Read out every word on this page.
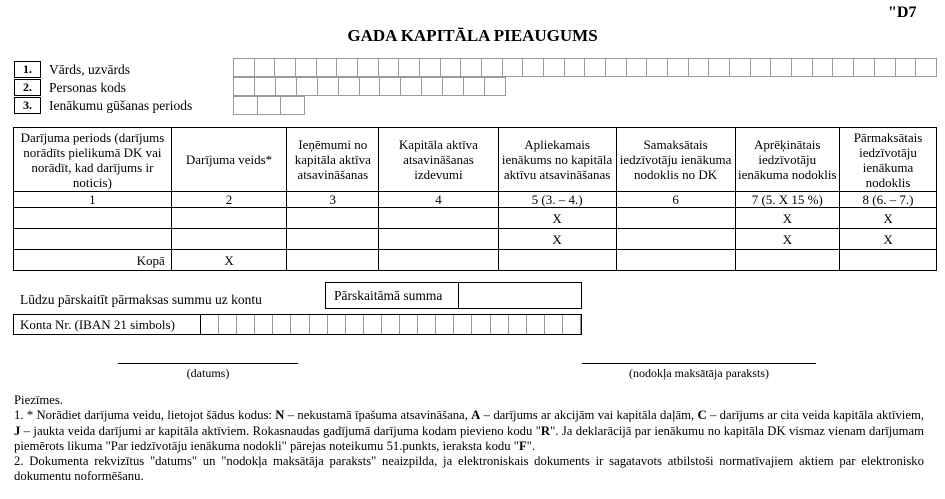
"D7
GADA KAPITĀLA PIEAUGUMS
1.	Vārds, uzvārds
2.	Personas kods
3.	Ienākumu gūšanas periods
Darījuma periods (darījums norādīts pielikumā DK vai norādīt, kad darījums ir noticis)	Darījuma veids*	Ieņēmumi no kapitāla aktīva atsavināšanas	Kapitāla aktīva atsavināšanas izdevumi	Apliekamais ienākums no kapitāla aktīvu atsavināšanas	Samaksātais iedzīvotāju ienākuma nodoklis no DK	Aprēķinātais iedzīvotāju ienākuma nodoklis	Pārmaksātais iedzīvotāju ienākuma nodoklis
1	2	3	4	5 (3. – 4.)	6	7 (5. X 15 %)	8 (6. – 7.)
				X		X	X
				X		X	X
Kopā	X						
Lūdzu pārskaitīt pārmaksas summu uz kontu	Pārskaitāmā summa
Konta Nr. (IBAN 21 simbols)
(datums)	(nodokļa maksātāja paraksts)
Piezīmes.
1. * Norādiet darījuma veidu, lietojot šādus kodus: N – nekustamā īpašuma atsavināšana, A – darījums ar akcijām vai kapitāla daļām, C – darījums ar cita veida kapitāla aktīviem, J – jaukta veida darījumi ar kapitāla aktīviem. Rokasnaudas gadījumā darījuma kodam pievieno kodu "R". Ja deklarācijā par ienākumu no kapitāla DK vismaz vienam darījumam piemērots likuma "Par iedzīvotāju ienākuma nodokli" pārejas noteikumu 51.punkts, ieraksta kodu "F".
2. Dokumenta rekvizītus "datums" un "nodokļa maksātāja paraksts" neaizpilda, ja elektroniskais dokuments ir sagatavots atbilstoši normatīvajiem aktiem par elektronisko dokumentu noformēšanu.
